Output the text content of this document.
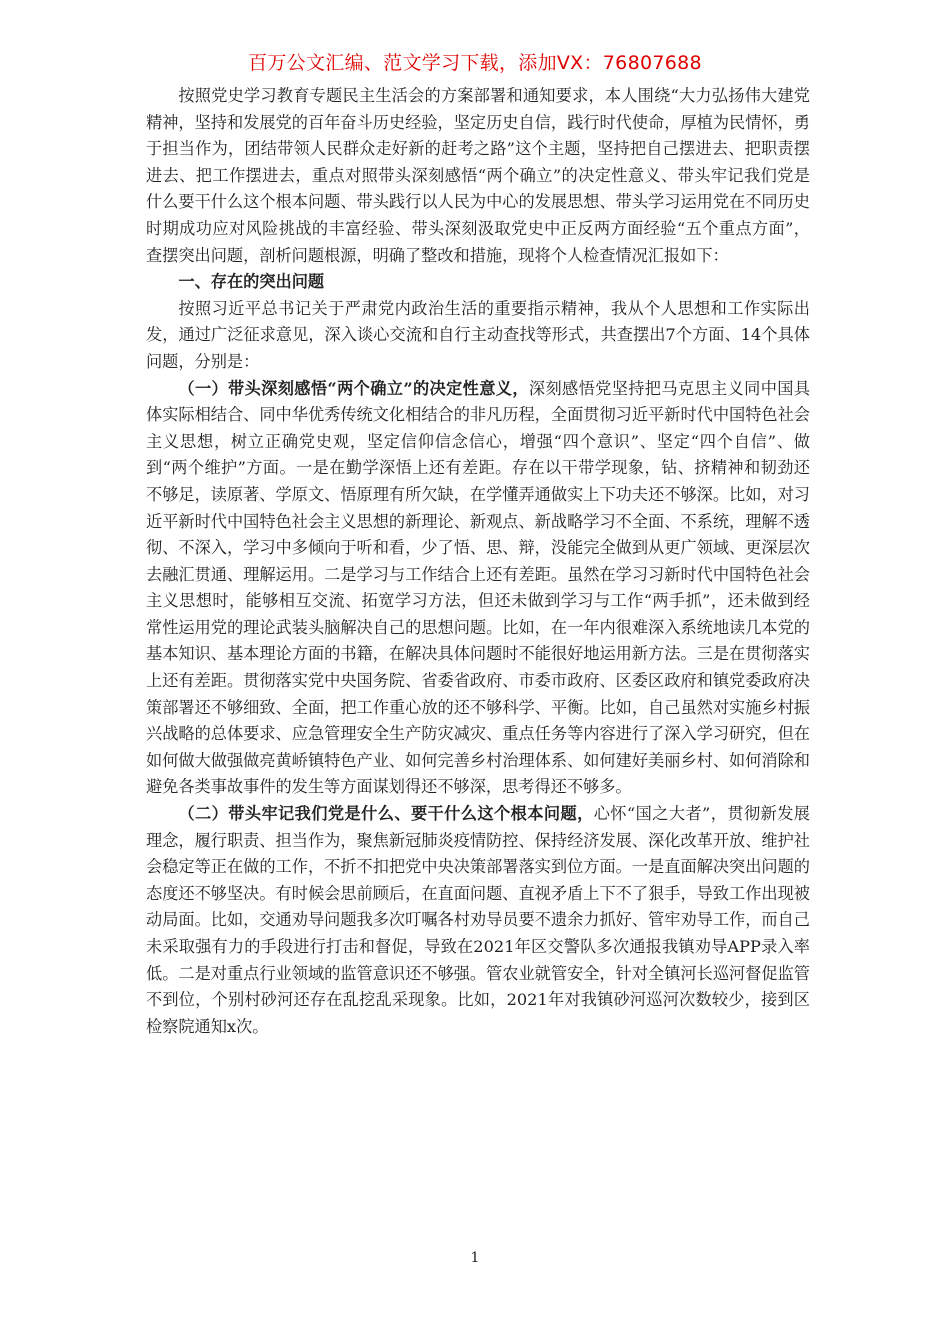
百万公文汇编、范文学习下载，添加VX：76807688

按照党史学习教育专题民主生活会的方案部署和通知要求，本人围绕“大力弘扬伟大建党精神，坚持和发展党的百年奋斗历史经验，坚定历史自信，践行时代使命，厚植为民情怀，勇于担当作为，团结带领人民群众走好新的赶考之路”这个主题，坚持把自己摆进去、把职责摆进去、把工作摆进去，重点对照带头深刻感悟“两个确立”的决定性意义、带头牢记我们党是什么要干什么这个根本问题、带头践行以人民为中心的发展思想、带头学习运用党在不同历史时期成功应对风险挑战的丰富经验、带头深刻汲取党史中正反两方面经验“五个重点方面”，查摆突出问题，剖析问题根源，明确了整改和措施，现将个人检查情况汇报如下：

一、存在的突出问题

按照习近平总书记关于严肃党内政治生活的重要指示精神，我从个人思想和工作实际出发，通过广泛征求意见，深入谈心交流和自行主动查找等形式，共查摆出7个方面、14个具体问题，分别是：

（一）带头深刻感悟“两个确立”的决定性意义，深刻感悟党坚持把马克思主义同中国具体实际相结合、同中华优秀传统文化相结合的非凡历程，全面贯彻习近平新时代中国特色社会主义思想，树立正确党史观，坚定信仰信念信心，增强“四个意识”、坚定“四个自信”、做到“两个维护”方面。一是在勤学深悟上还有差距。存在以干带学现象，钻、挤精神和韧劲还不够足，读原著、学原文、悟原理有所欠缺，在学懂弄通做实上下功夫还不够深。比如，对习近平新时代中国特色社会主义思想的新理论、新观点、新战略学习不全面、不系统，理解不透彻、不深入，学习中多倾向于听和看，少了悟、思、辩，没能完全做到从更广领域、更深层次去融汇贯通、理解运用。二是学习与工作结合上还有差距。虽然在学习习新时代中国特色社会主义思想时，能够相互交流、拓宽学习方法，但还未做到学习与工作“两手抓”，还未做到经常性运用党的理论武装头脑解决自己的思想问题。比如，在一年内很难深入系统地读几本党的基本知识、基本理论方面的书籍，在解决具体问题时不能很好地运用新方法。三是在贯彻落实上还有差距。贯彻落实党中央国务院、省委省政府、市委市政府、区委区政府和镇党委政府决策部署还不够细致、全面，把工作重心放的还不够科学、平衡。比如，自己虽然对实施乡村振兴战略的总体要求、应急管理安全生产防灾减灾、重点任务等内容进行了深入学习研究，但在如何做大做强做亮黄峤镇特色产业、如何完善乡村治理体系、如何建好美丽乡村、如何消除和避免各类事故事件的发生等方面谋划得还不够深，思考得还不够多。

（二）带头牢记我们党是什么、要干什么这个根本问题，心怀“国之大者”，贯彻新发展理念，履行职责、担当作为，聚焦新冠肺炎疫情防控、保持经济发展、深化改革开放、维护社会稳定等正在做的工作，不折不扣把党中央决策部署落实到位方面。一是直面解决突出问题的态度还不够坚决。有时候会思前顾后，在直面问题、直视矛盾上下不了狠手，导致工作出现被动局面。比如，交通劝导问题我多次叮嘱各村劝导员要不遗余力抓好、管牢劝导工作，而自己未采取强有力的手段进行打击和督促，导致在2021年区交警队多次通报我镇劝导APP录入率低。二是对重点行业领域的监管意识还不够强。管农业就管安全，针对全镇河长巡河督促监管不到位，个别村砂河还存在乱挖乱采现象。比如，2021年对我镇砂河巡河次数较少，接到区检察院通知x次。

1
